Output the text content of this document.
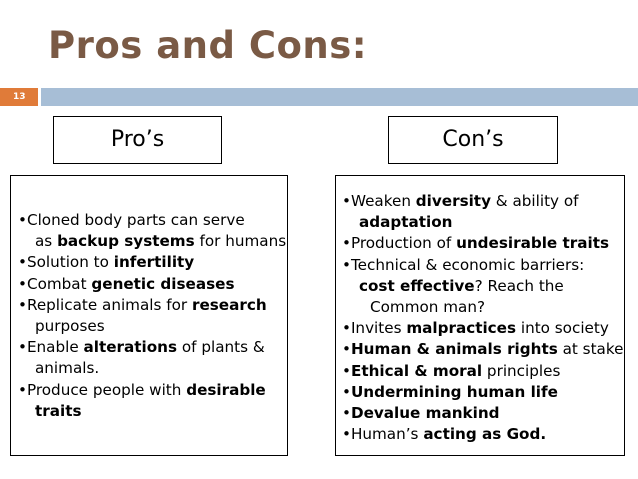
Pros and Cons:
13
Pro’s	Con’s
•Cloned body parts can serve
as backup systems for humans
•Solution to infertility
•Combat genetic diseases
•Replicate animals for research
purposes
•Enable alterations of plants &
animals.
•Produce people with desirable
traits
•Weaken diversity & ability of
adaptation
•Production of undesirable traits
•Technical & economic barriers:
cost effective? Reach the
Common man?
•Invites malpractices into society
•Human & animals rights at stake
•Ethical & moral principles
•Undermining human life
•Devalue mankind
•Human’s acting as God.
